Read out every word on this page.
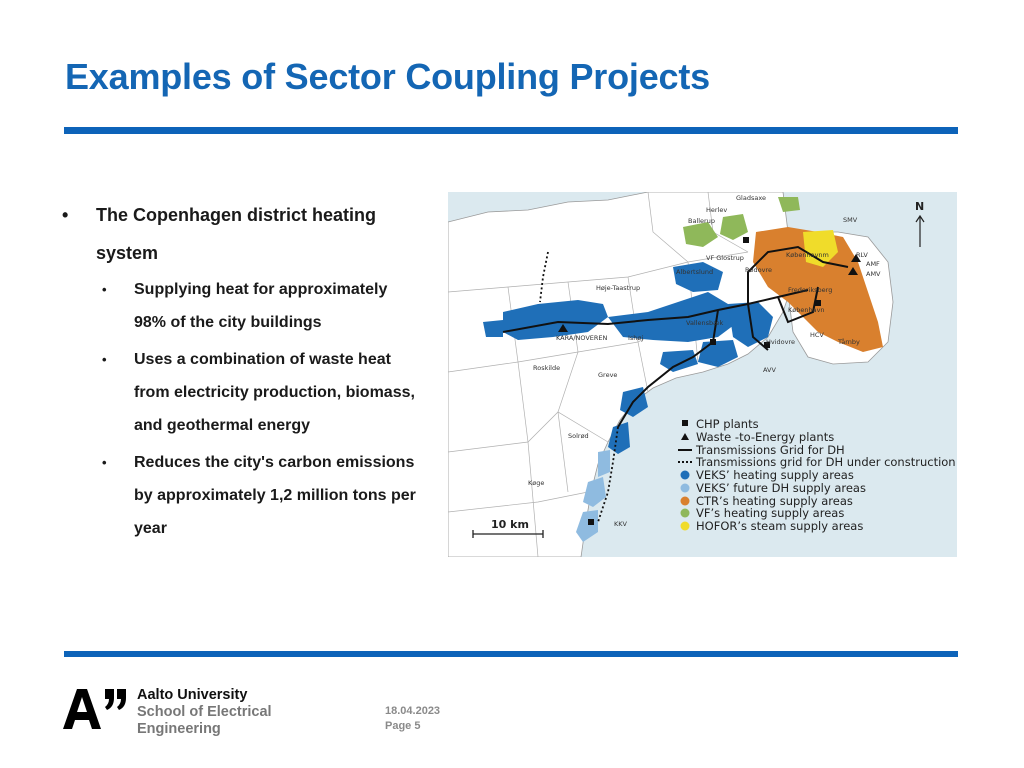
Examples of Sector Coupling Projects
• The Copenhagen district heating
system
• Supplying heat for approximately
98% of the city buildings
• Uses a combination of waste heat
from electricity production, biomass,
and geothermal energy
• Reduces the city's carbon emissions
by approximately 1,2 million tons per
year
Gladsaxe
Herlev
Ballerup	SMV
Københavnm	RLV
AMF
AMV
VF Glostrup
Rødovre
Albertslund
Høje-Taastrup	Frederiksberg
København
KARA/NOVEREN	Ishøj
Vallensbæk
Hvidovre
HCV
Tårnby
Roskilde
Greve
AVV
Solrød
Køge
KKV
N
10 km
CHP plants
Waste -to-Energy plants
Transmissions Grid for DH
Transmissions grid for DH under construction
VEKS’ heating supply areas
VEKS’ future DH supply areas
CTR’s heating supply areas
VF’s heating supply areas
HOFOR’s steam supply areas
Aalto University
School of Electrical
Engineering
18.04.2023
Page 5
